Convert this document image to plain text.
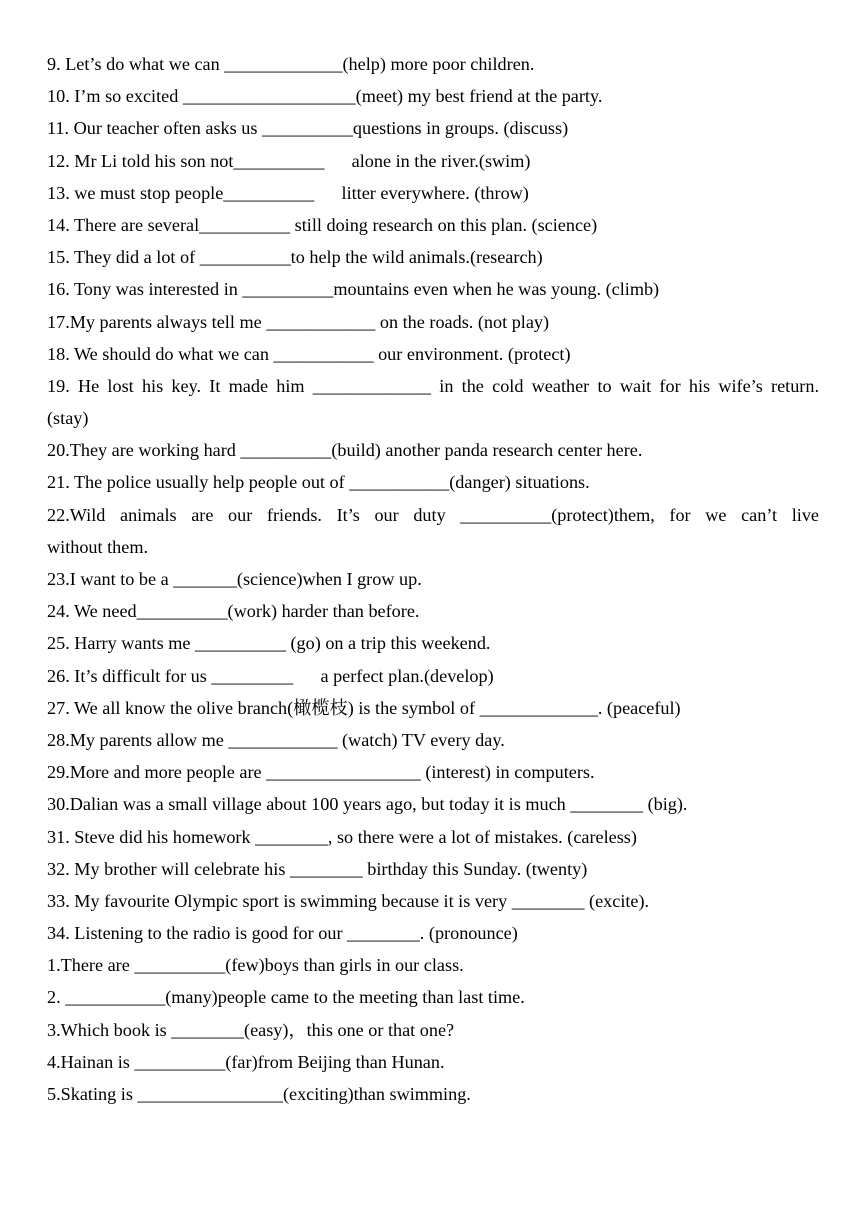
9. Let’s do what we can _____________(help) more poor children.
10. I’m so excited ___________________(meet) my best friend at the party.
11. Our teacher often asks us __________questions in groups. (discuss)
12. Mr Li told his son not__________      alone in the river.(swim)
13. we must stop people__________      litter everywhere. (throw)
14. There are several__________ still doing research on this plan. (science)
15. They did a lot of __________to help the wild animals.(research)
16. Tony was interested in __________mountains even when he was young. (climb)
17.My parents always tell me ____________ on the roads. (not play)
18. We should do what we can ___________ our environment. (protect)
19. He lost his key. It made him _____________ in the cold weather to wait for his wife’s return.
(stay)
20.They are working hard __________(build) another panda research center here.
21. The police usually help people out of ___________(danger) situations.
22.Wild animals are our friends. It’s our duty __________(protect)them, for we can’t live
without them.
23.I want to be a _______(science)when I grow up.
24. We need__________(work) harder than before.
25. Harry wants me __________ (go) on a trip this weekend.
26. It’s difficult for us _________      a perfect plan.(develop)
27. We all know the olive branch(橄榄枝) is the symbol of _____________. (peaceful)
28.My parents allow me ____________ (watch) TV every day.
29.More and more people are _________________ (interest) in computers.
30.Dalian was a small village about 100 years ago, but today it is much ________ (big).
31. Steve did his homework ________, so there were a lot of mistakes. (careless)
32. My brother will celebrate his ________ birthday this Sunday. (twenty)
33. My favourite Olympic sport is swimming because it is very ________ (excite).
34. Listening to the radio is good for our ________. (pronounce)
1.There are __________(few)boys than girls in our class.
2. ___________(many)people came to the meeting than last time.
3.Which book is ________(easy)，this one or that one?
4.Hainan is __________(far)from Beijing than Hunan.
5.Skating is ________________(exciting)than swimming.
